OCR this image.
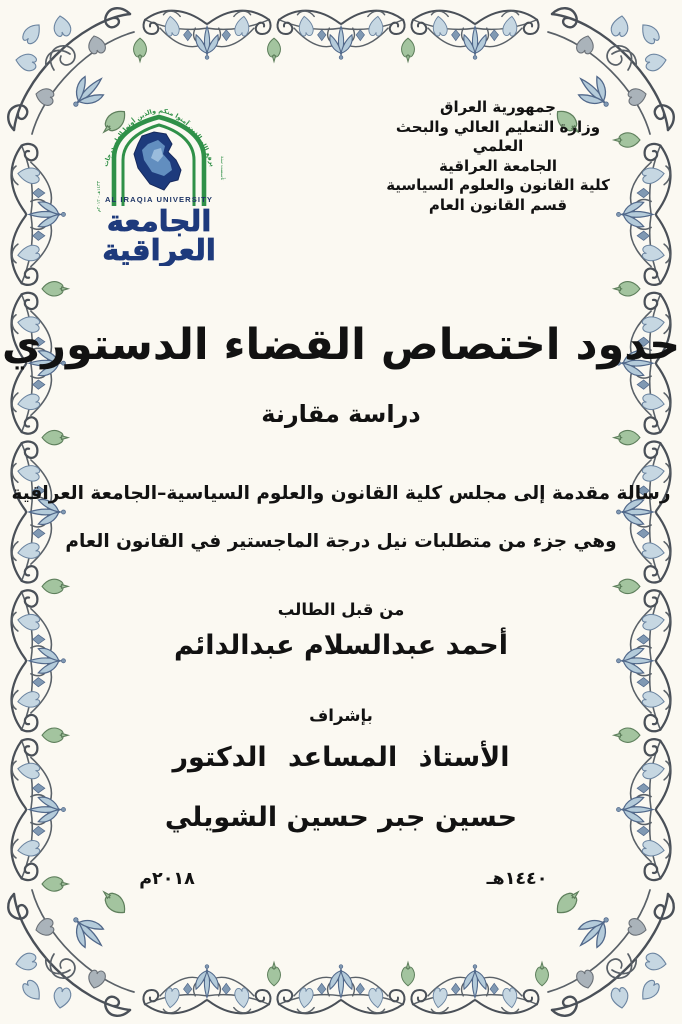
جمهورية العراق
وزارة التعليم العالي والبحث العلمي
الجامعة العراقية
كلية القانون والعلوم السياسية
قسم القانون العام
يرفع الله الذين آمنوا منكم والذين أوتوا العلم درجات
AL IRAQIA UNIVERSITY
الجامعة
العراقية
١٤٣٣هـ - ٢٠١٢م
تأسست سنة
حدود اختصاص القضاء الدستوري
دراسة مقارنة
رسالة مقدمة إلى مجلس كلية القانون والعلوم السياسية–الجامعة العراقية
وهي جزء من متطلبات نيل درجة الماجستير في القانون العام
من قبل الطالب
أحمد عبدالسلام عبدالدائم
بإشراف
الأستاذ المساعد الدكتور
حسين جبر حسين الشويلي
١٤٤٠هـ
٢٠١٨م
